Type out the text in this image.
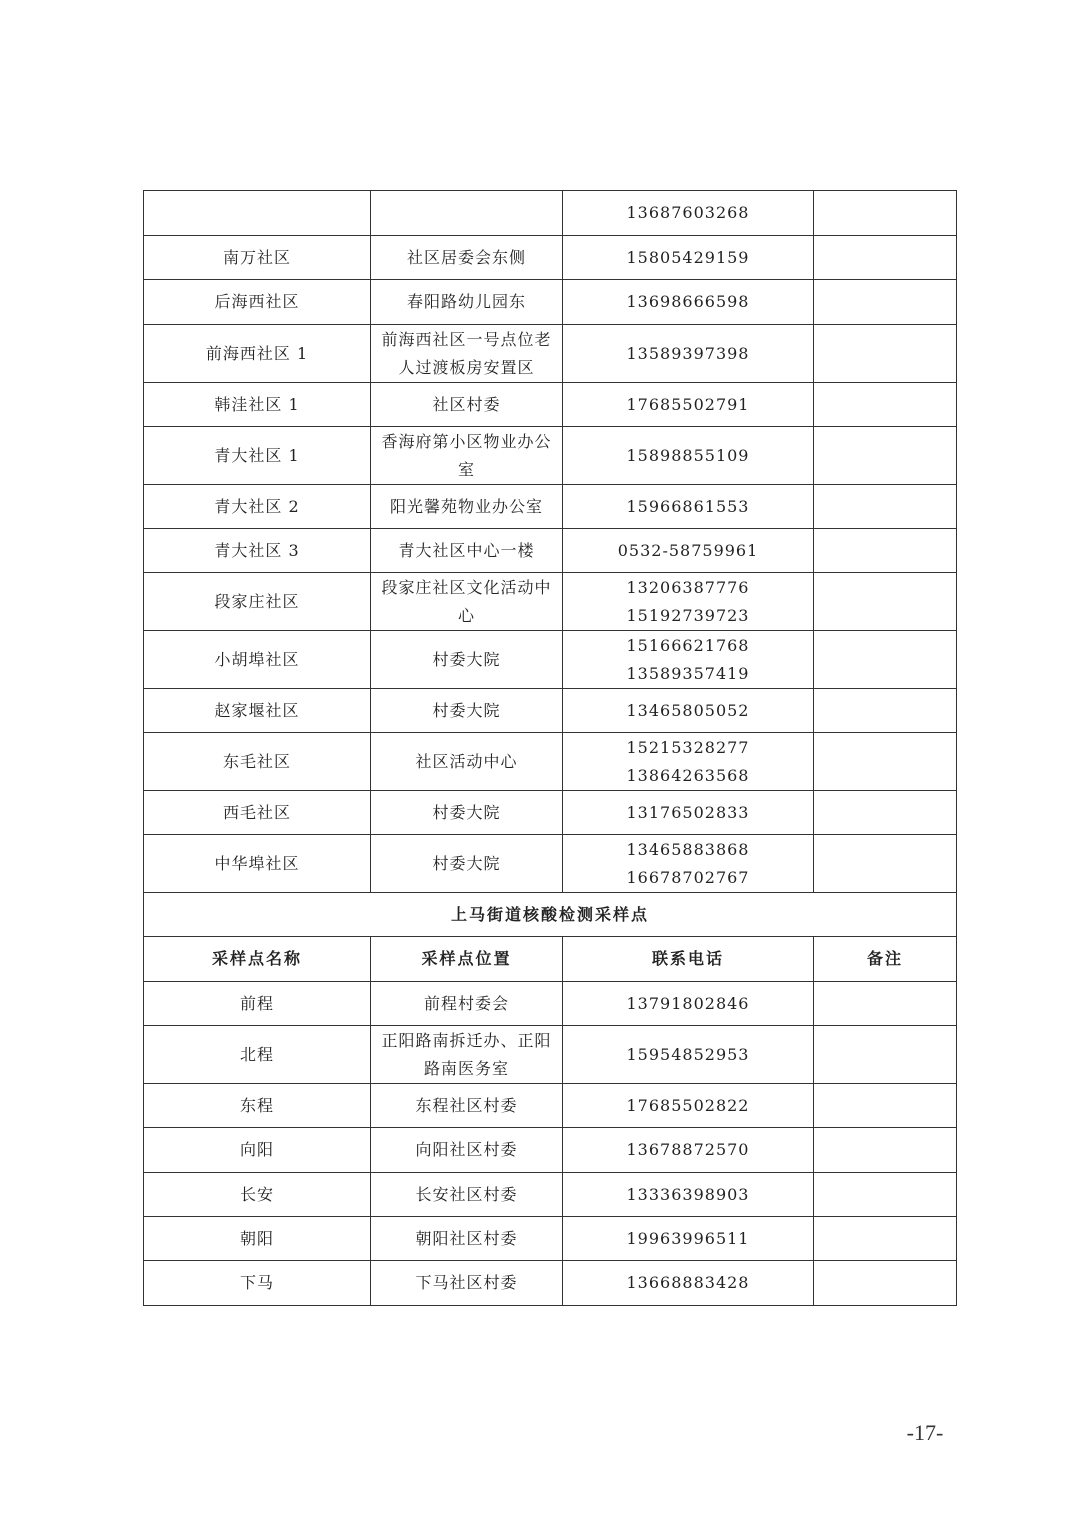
		13687603268	
南万社区	社区居委会东侧	15805429159	
后海西社区	春阳路幼儿园东	13698666598	
前海西社区 1	前海西社区一号点位老人过渡板房安置区	13589397398	
韩洼社区 1	社区村委	17685502791	
青大社区 1	香海府第小区物业办公室	15898855109	
青大社区 2	阳光馨苑物业办公室	15966861553	
青大社区 3	青大社区中心一楼	0532-58759961	
段家庄社区	段家庄社区文化活动中心	13206387776
15192739723	

小胡埠社区	村委大院	15166621768
13589357419	

赵家堰社区	村委大院	13465805052	
东毛社区	社区活动中心	15215328277
13864263568	

西毛社区	村委大院	13176502833	
中华埠社区	村委大院	13465883868
16678702767	

上马街道核酸检测采样点			
采样点名称	采样点位置	联系电话	备注
前程	前程村委会	13791802846	
北程	正阳路南拆迁办、正阳路南医务室	15954852953	
东程	东程社区村委	17685502822	
向阳	向阳社区村委	13678872570	
长安	长安社区村委	13336398903	
朝阳	朝阳社区村委	19963996511	
下马	下马社区村委	13668883428	
-17-
